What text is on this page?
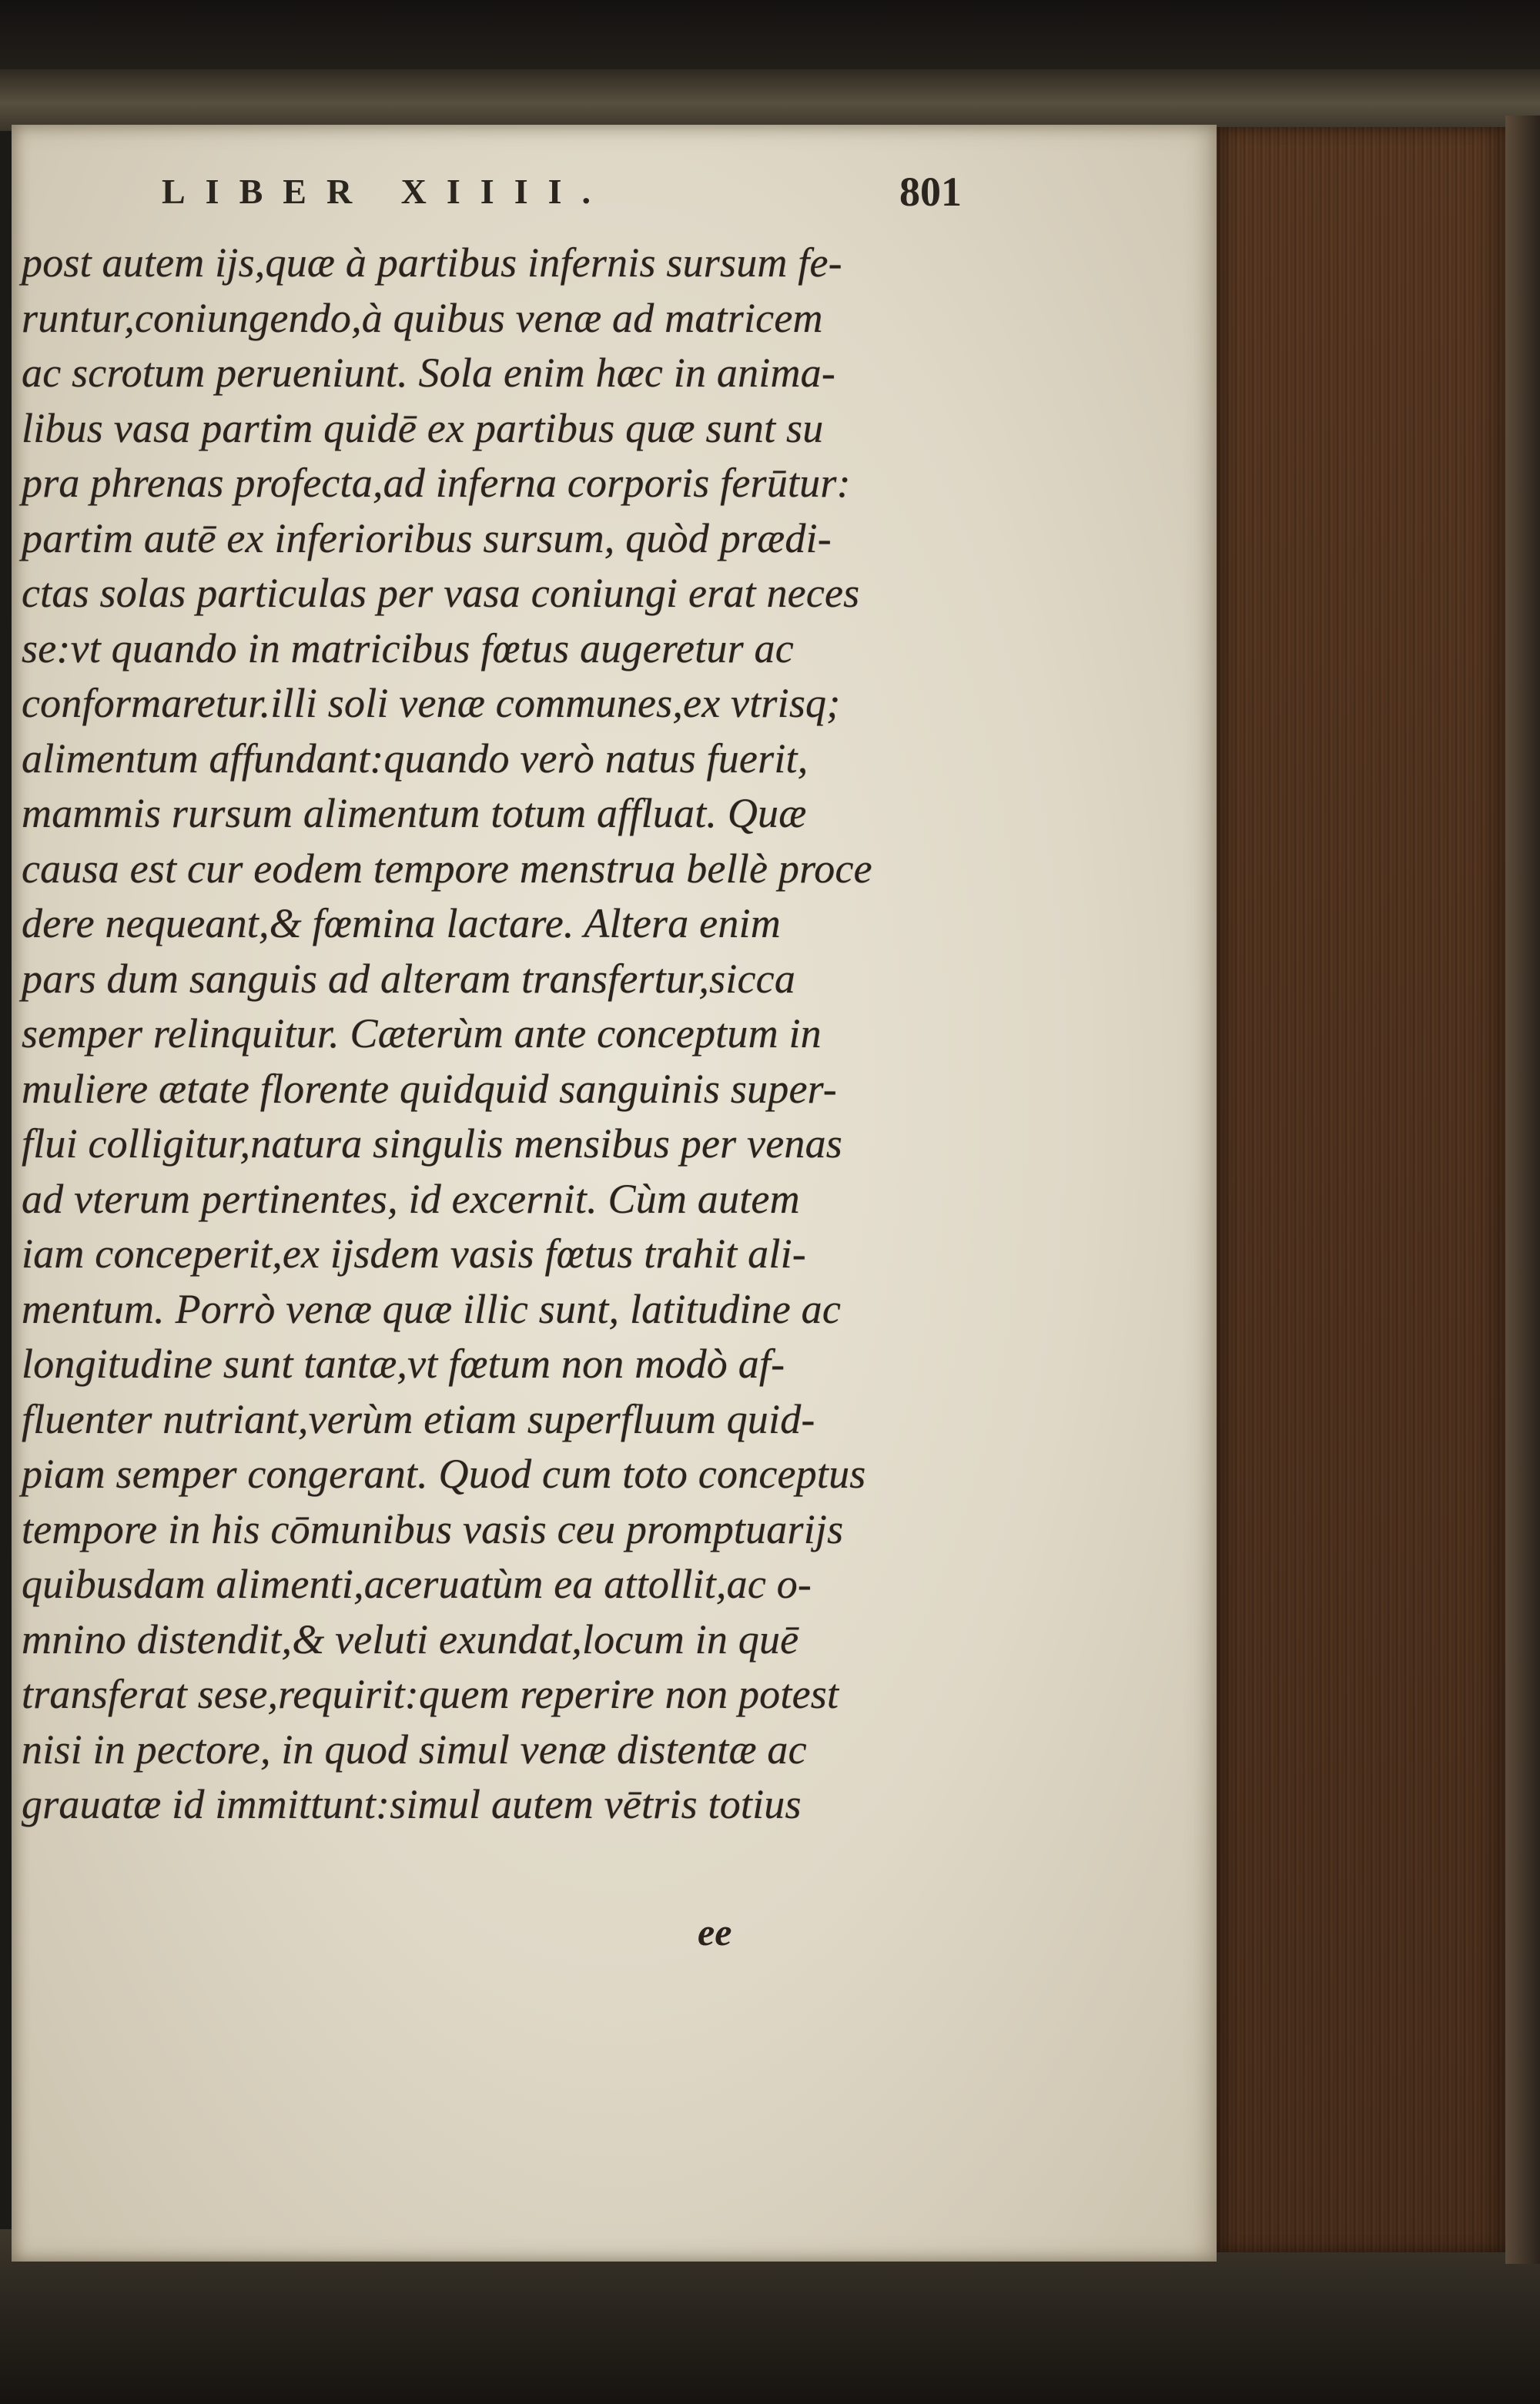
LIBER XIIII.	801
post autem ijs,quæ à partibus infernis sursum fe-
runtur,coniungendo,à quibus venæ ad matricem
ac scrotum perueniunt. Sola enim hæc in anima-
libus vasa partim quidē ex partibus quæ sunt su
pra phrenas profecta,ad inferna corporis ferūtur:
partim autē ex inferioribus sursum, quòd prædi-
ctas solas particulas per vasa coniungi erat neces
se:vt quando in matricibus fœtus augeretur ac
conformaretur.illi soli venæ communes,ex vtrisq;
alimentum affundant:quando verò natus fuerit,
mammis rursum alimentum totum affluat. Quæ
causa est cur eodem tempore menstrua bellè proce
dere nequeant,& fœmina lactare. Altera enim
pars dum sanguis ad alteram transfertur,sicca
semper relinquitur. Cæterùm ante conceptum in
muliere ætate florente quidquid sanguinis super-
flui colligitur,natura singulis mensibus per venas
ad vterum pertinentes, id excernit. Cùm autem
iam conceperit,ex ijsdem vasis fœtus trahit ali-
mentum. Porrò venæ quæ illic sunt, latitudine ac
longitudine sunt tantæ,vt fœtum non modò af-
fluenter nutriant,verùm etiam superfluum quid-
piam semper congerant. Quod cum toto conceptus
tempore in his cōmunibus vasis ceu promptuarijs
quibusdam alimenti,aceruatùm ea attollit,ac o-
mnino distendit,& veluti exundat,locum in quē
transferat sese,requirit:quem reperire non potest
nisi in pectore, in quod simul venæ distentæ ac
grauatæ id immittunt:simul autem vētris totius
ee
